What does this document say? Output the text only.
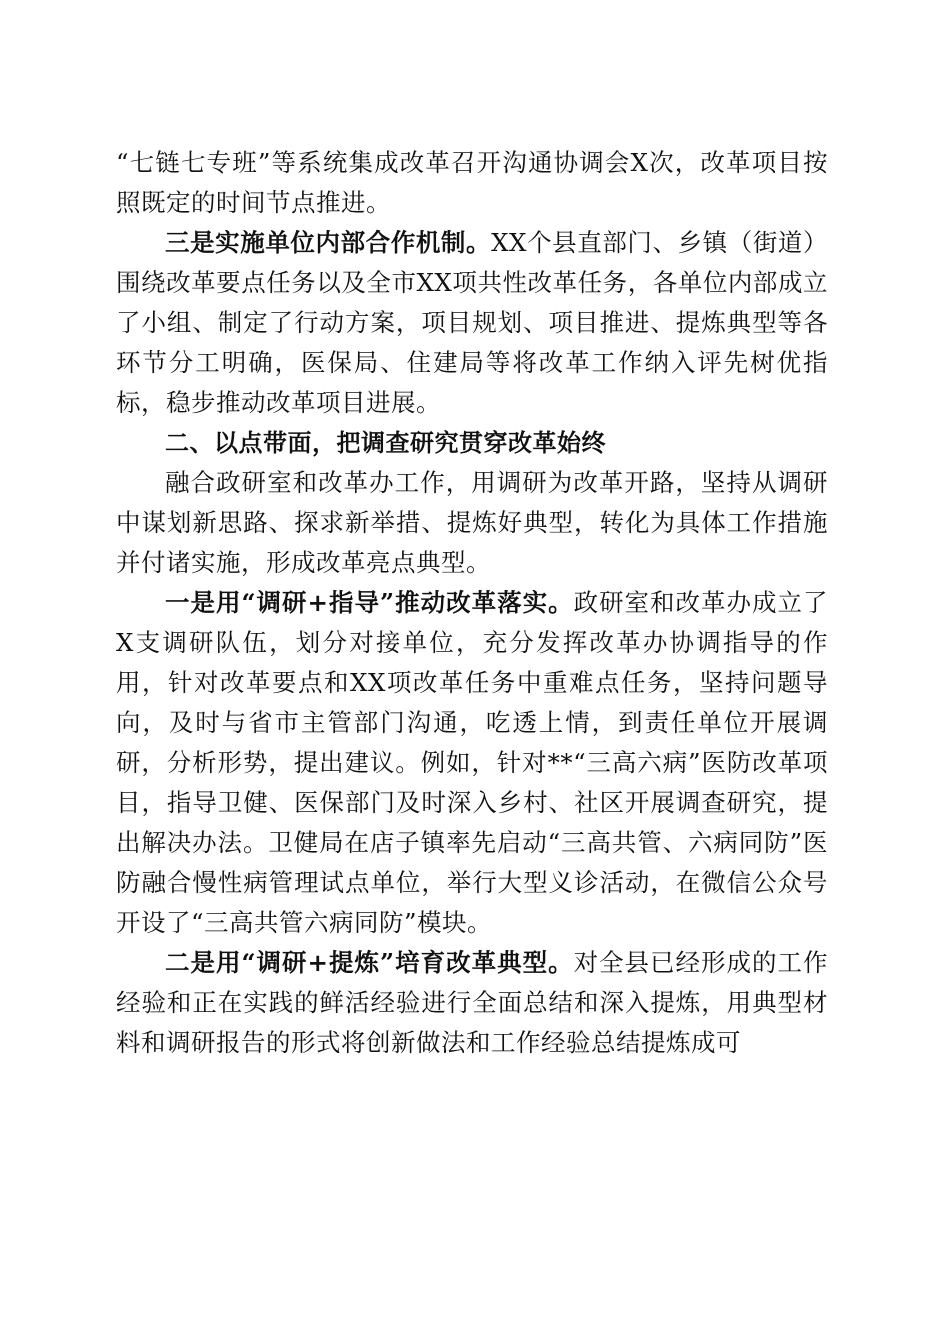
“七链七专班”等系统集成改革召开沟通协调会X次，改革项目按照既定的时间节点推进。

三是实施单位内部合作机制。XX个县直部门、乡镇（街道）围绕改革要点任务以及全市XX项共性改革任务，各单位内部成立了小组、制定了行动方案，项目规划、项目推进、提炼典型等各环节分工明确，医保局、住建局等将改革工作纳入评先树优指标，稳步推动改革项目进展。

二、以点带面，把调查研究贯穿改革始终

融合政研室和改革办工作，用调研为改革开路，坚持从调研中谋划新思路、探求新举措、提炼好典型，转化为具体工作措施并付诸实施，形成改革亮点典型。

一是用“调研+指导”推动改革落实。政研室和改革办成立了X支调研队伍，划分对接单位，充分发挥改革办协调指导的作用，针对改革要点和XX项改革任务中重难点任务，坚持问题导向，及时与省市主管部门沟通，吃透上情，到责任单位开展调研，分析形势，提出建议。例如，针对**“三高六病”医防改革项目，指导卫健、医保部门及时深入乡村、社区开展调查研究，提出解决办法。卫健局在店子镇率先启动“三高共管、六病同防”医防融合慢性病管理试点单位，举行大型义诊活动，在微信公众号开设了“三高共管六病同防”模块。

二是用“调研+提炼”培育改革典型。对全县已经形成的工作经验和正在实践的鲜活经验进行全面总结和深入提炼，用典型材料和调研报告的形式将创新做法和工作经验总结提炼成可
